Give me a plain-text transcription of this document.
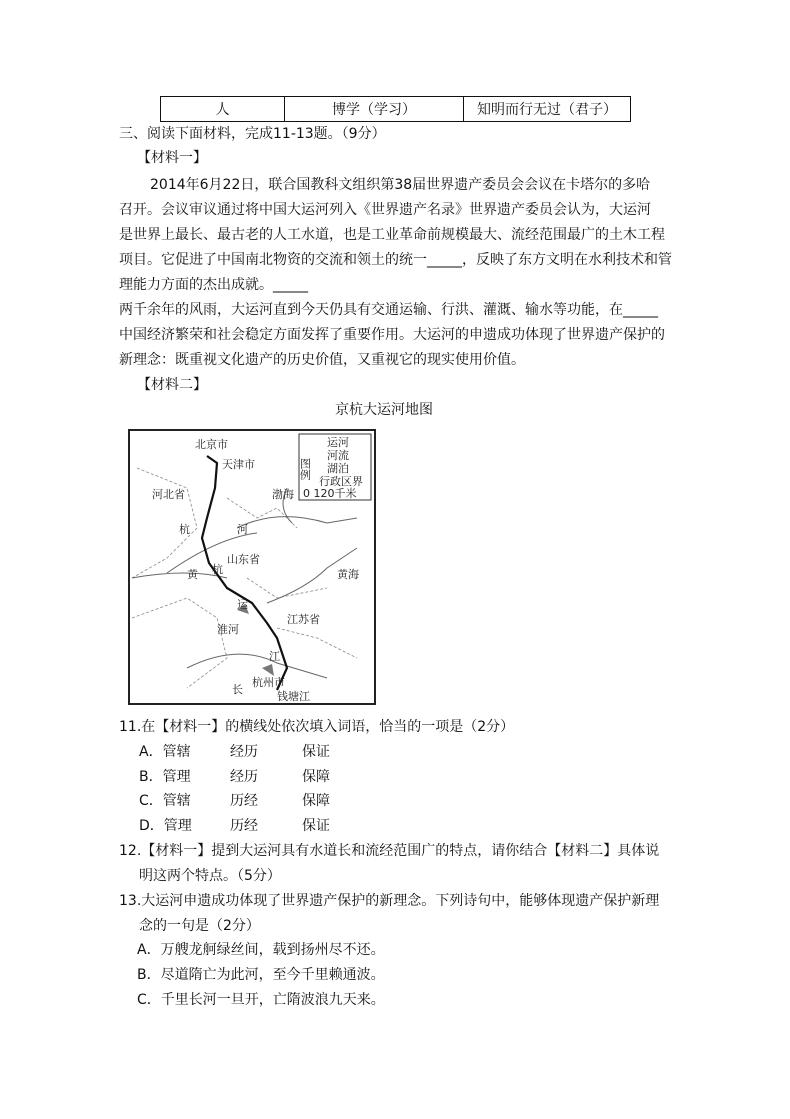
人	博学（学习）	知明而行无过（君子）
三、阅读下面材料，完成11-13题。（9分）
【材料一】
2014年6月22日，联合国教科文组织第38届世界遗产委员会会议在卡塔尔的多哈
召开。会议审议通过将中国大运河列入《世界遗产名录》世界遗产委员会认为，大运河
是世界上最长、最古老的人工水道，也是工业革命前规模最大、流经范围最广的土木工程
项目。它促进了中国南北物资的交流和领土的统一_____，反映了东方文明在水利技术和管
理能力方面的杰出成就。_____
两千余年的风雨，大运河直到今天仍具有交通运输、行洪、灌溉、输水等功能，在_____
中国经济繁荣和社会稳定方面发挥了重要作用。大运河的申遗成功体现了世界遗产保护的
新理念：既重视文化遗产的历史价值，又重视它的现实使用价值。
【材料二】
京杭大运河地图
图例
运河
河流
湖泊
行政区界
0 120千米
北京市
天津市
河北省	渤海
山东省
黄海
江苏省
淮河
杭
运
杭
黄
河
长
江
杭州市
钱塘江
11.在【材料一】的横线处依次填入词语，恰当的一项是（2分）
A．管辖	经历	保证
B．管理	经历	保障
C．管辖	历经	保障
D．管理	历经	保证
12.【材料一】提到大运河具有水道长和流经范围广的特点，请你结合【材料二】具体说
明这两个特点。（5分）
13.大运河申遗成功体现了世界遗产保护的新理念。下列诗句中，能够体现遗产保护新理
念的一句是（2分）
A．万艘龙舸绿丝间，载到扬州尽不还。
B．尽道隋亡为此河，至今千里赖通波。
C．千里长河一旦开，亡隋波浪九天来。
